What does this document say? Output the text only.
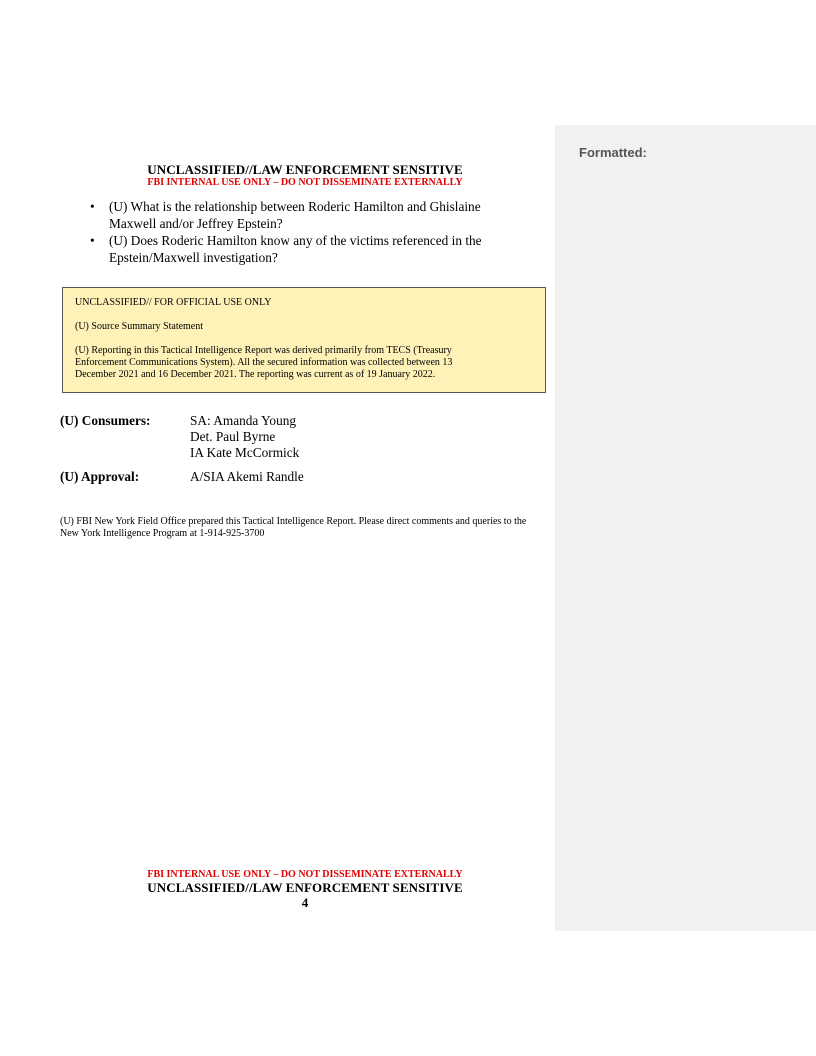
UNCLASSIFIED//LAW ENFORCEMENT SENSITIVE
FBI INTERNAL USE ONLY – DO NOT DISSEMINATE EXTERNALLY
• (U) What is the relationship between Roderic Hamilton and Ghislaine Maxwell and/or Jeffrey Epstein?
• (U) Does Roderic Hamilton know any of the victims referenced in the Epstein/Maxwell investigation?

UNCLASSIFIED// FOR OFFICIAL USE ONLY

(U) Source Summary Statement

(U) Reporting in this Tactical Intelligence Report was derived primarily from TECS (Treasury Enforcement Communications System). All the secured information was collected between 13 December 2021 and 16 December 2021. The reporting was current as of 19 January 2022.

(U) Consumers:	SA: Amanda Young
Det. Paul Byrne
IA Kate McCormick
(U) Approval:	A/SIA Akemi Randle
(U) FBI New York Field Office prepared this Tactical Intelligence Report. Please direct comments and queries to the New York Intelligence Program at 1-914-925-3700
FBI INTERNAL USE ONLY – DO NOT DISSEMINATE EXTERNALLY
UNCLASSIFIED//LAW ENFORCEMENT SENSITIVE
4
Formatted:
